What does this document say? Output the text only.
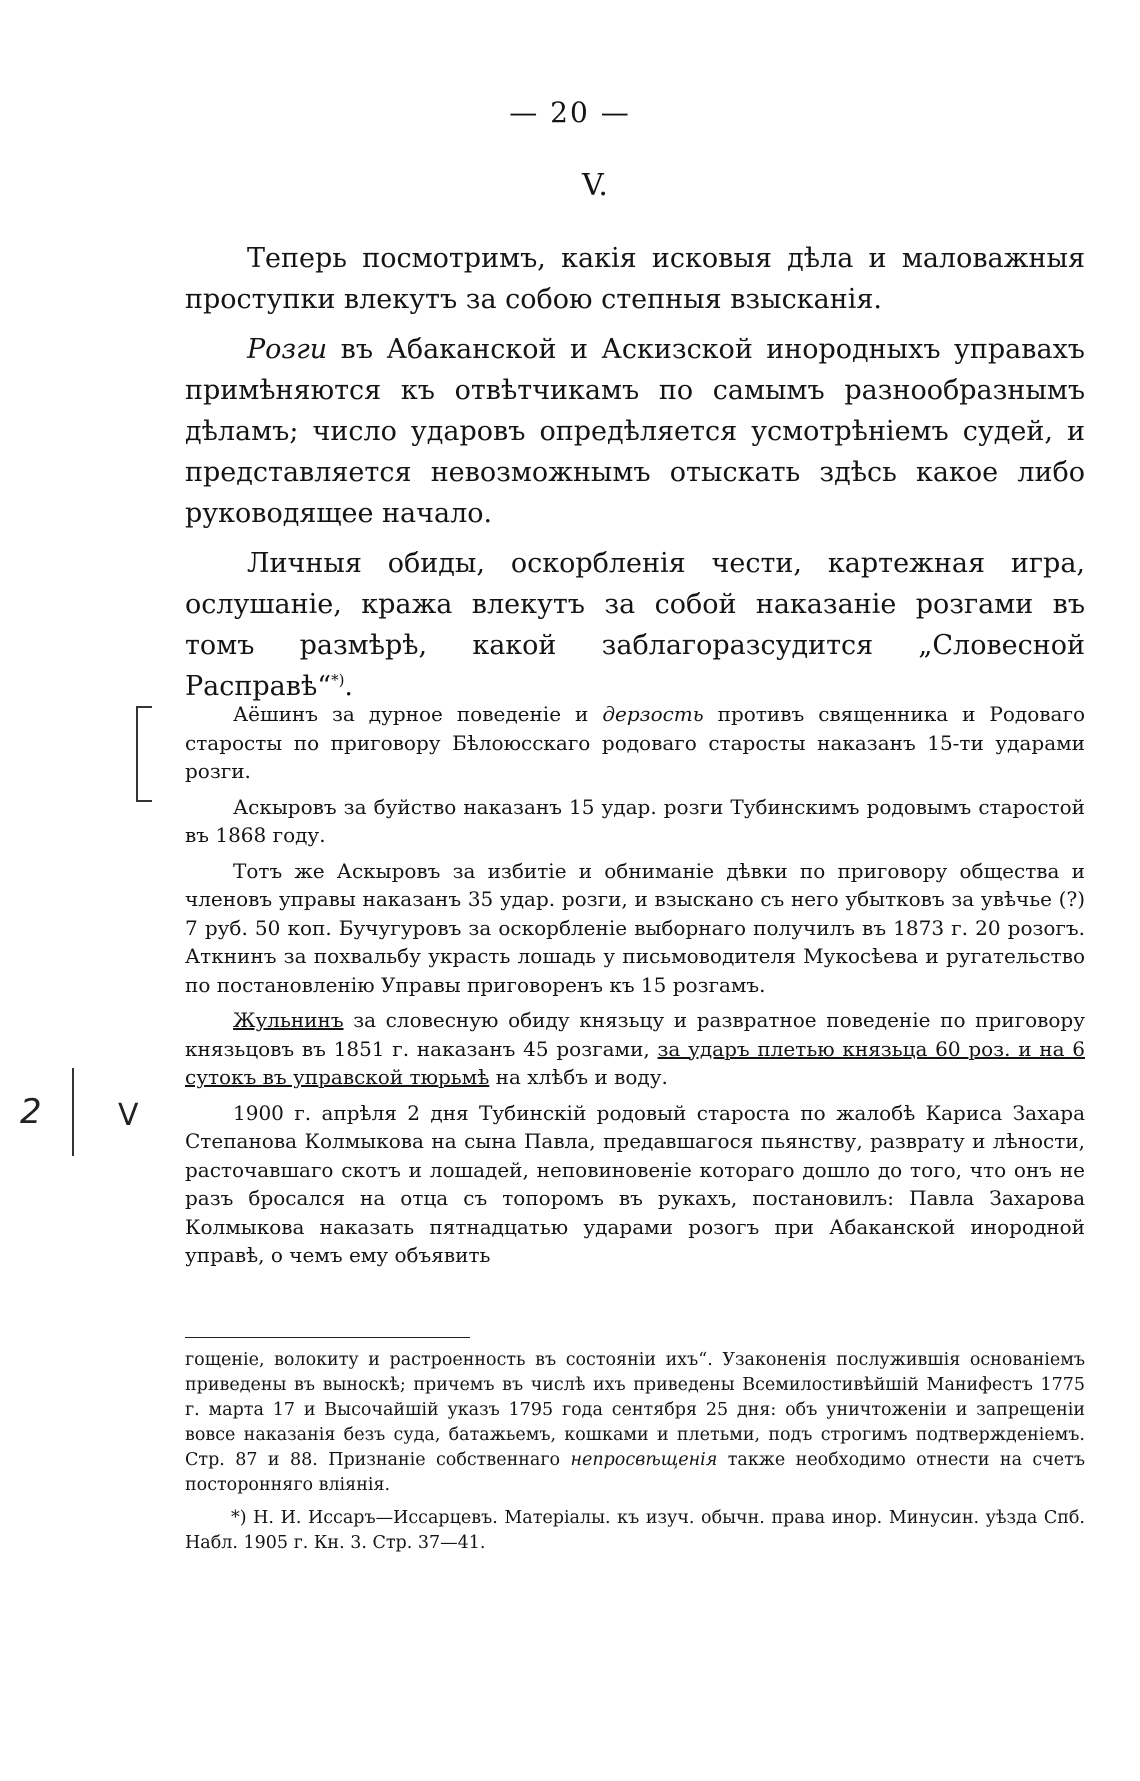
— 20 —
V.

Теперь посмотримъ, какія исковыя дѣла и маловажныя проступки влекутъ за собою степныя взысканія.

Розги въ Абаканской и Аскизской инородныхъ управахъ примѣняются къ отвѣтчикамъ по самымъ разнообразнымъ дѣламъ; число ударовъ опредѣляется усмотрѣніемъ судей, и представляется невозможнымъ отыскать здѣсь какое либо руководящее начало.

Личныя обиды, оскорбленія чести, картежная игра, ослушаніе, кража влекутъ за собой наказаніе розгами въ томъ размѣрѣ, какой заблагоразсудится „Словесной Расправѣ“*).

Аёшинъ за дурное поведеніе и дерзость противъ священника и Родоваго старосты по приговору Бѣлоюсскаго родоваго старосты наказанъ 15-ти ударами розги.

Аскыровъ за буйство наказанъ 15 удар. розги Тубинскимъ родовымъ старостой въ 1868 году.

Тотъ же Аскыровъ за избитіе и обниманіе дѣвки по приговору общества и членовъ управы наказанъ 35 удар. розги, и взыскано съ него убытковъ за увѣчье (?) 7 руб. 50 коп. Бучугуровъ за оскорбленіе выборнаго получилъ въ 1873 г. 20 розогъ. Аткнинъ за похвальбу украсть лошадь у письмоводителя Мукосѣева и ругательство по постановленію Управы приговоренъ къ 15 розгамъ.

Жульнинъ за словесную обиду князьцу и развратное поведеніе по приговору князьцовъ въ 1851 г. наказанъ 45 розгами, за ударъ плетью князьца 60 роз. и на 6 сутокъ въ управской тюрьмѣ на хлѣбъ и воду.

1900 г. апрѣля 2 дня Тубинскій родовый староста по жалобѣ Кариса Захара Степанова Колмыкова на сына Павла, предавшагося пьянству, разврату и лѣности, расточавшаго скотъ и лошадей, неповиновеніе котораго дошло до того, что онъ не разъ бросался на отца съ топоромъ въ рукахъ, постановилъ: Павла Захарова Колмыкова наказать пятнадцатью ударами розогъ при Абаканской инородной управѣ, о чемъ ему объявить

2	V

гощеніе, волокиту и растроенность въ состояніи ихъ“. Узаконенія послужившія основаніемъ приведены въ выноскѣ; причемъ въ числѣ ихъ приведены Всемилостивѣйшій Манифестъ 1775 г. марта 17 и Высочайшій указъ 1795 года сентября 25 дня: объ уничтоженіи и запрещеніи вовсе наказанія безъ суда, батажьемъ, кошками и плетьми, подъ строгимъ подтвержденіемъ. Стр. 87 и 88. Признаніе собственнаго непросвѣщенія также необходимо отнести на счетъ посторонняго вліянія.

*) Н. И. Иссаръ—Иссарцевъ. Матеріалы. къ изуч. обычн. права инор. Минусин. уѣзда Спб. Набл. 1905 г. Кн. 3. Стр. 37—41.
